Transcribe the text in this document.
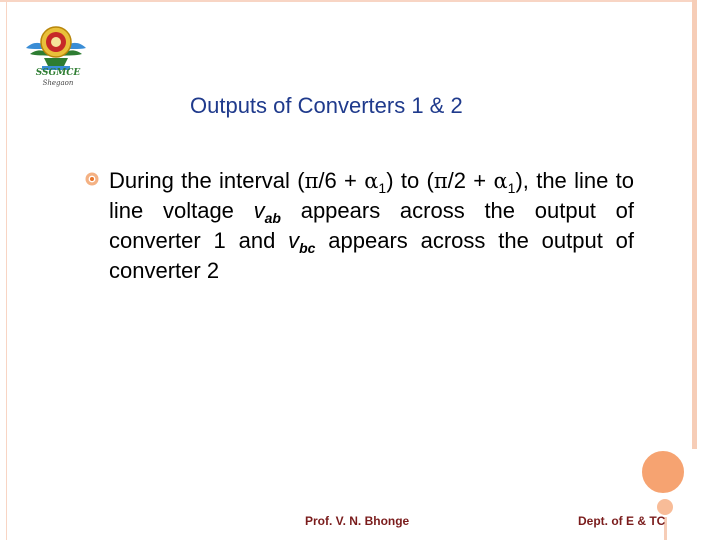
SSGMCE
Shegaon
Outputs of Converters 1 & 2
During the interval $(\pi/6 + \alpha_1)$ to $(\pi/2 + \alpha_1)$, the line to line voltage $v_{ab}$ appears across the output of converter 1 and $v_{bc}$ appears across the output of converter 2
Prof. V. N. Bhonge	Dept. of E & TC
